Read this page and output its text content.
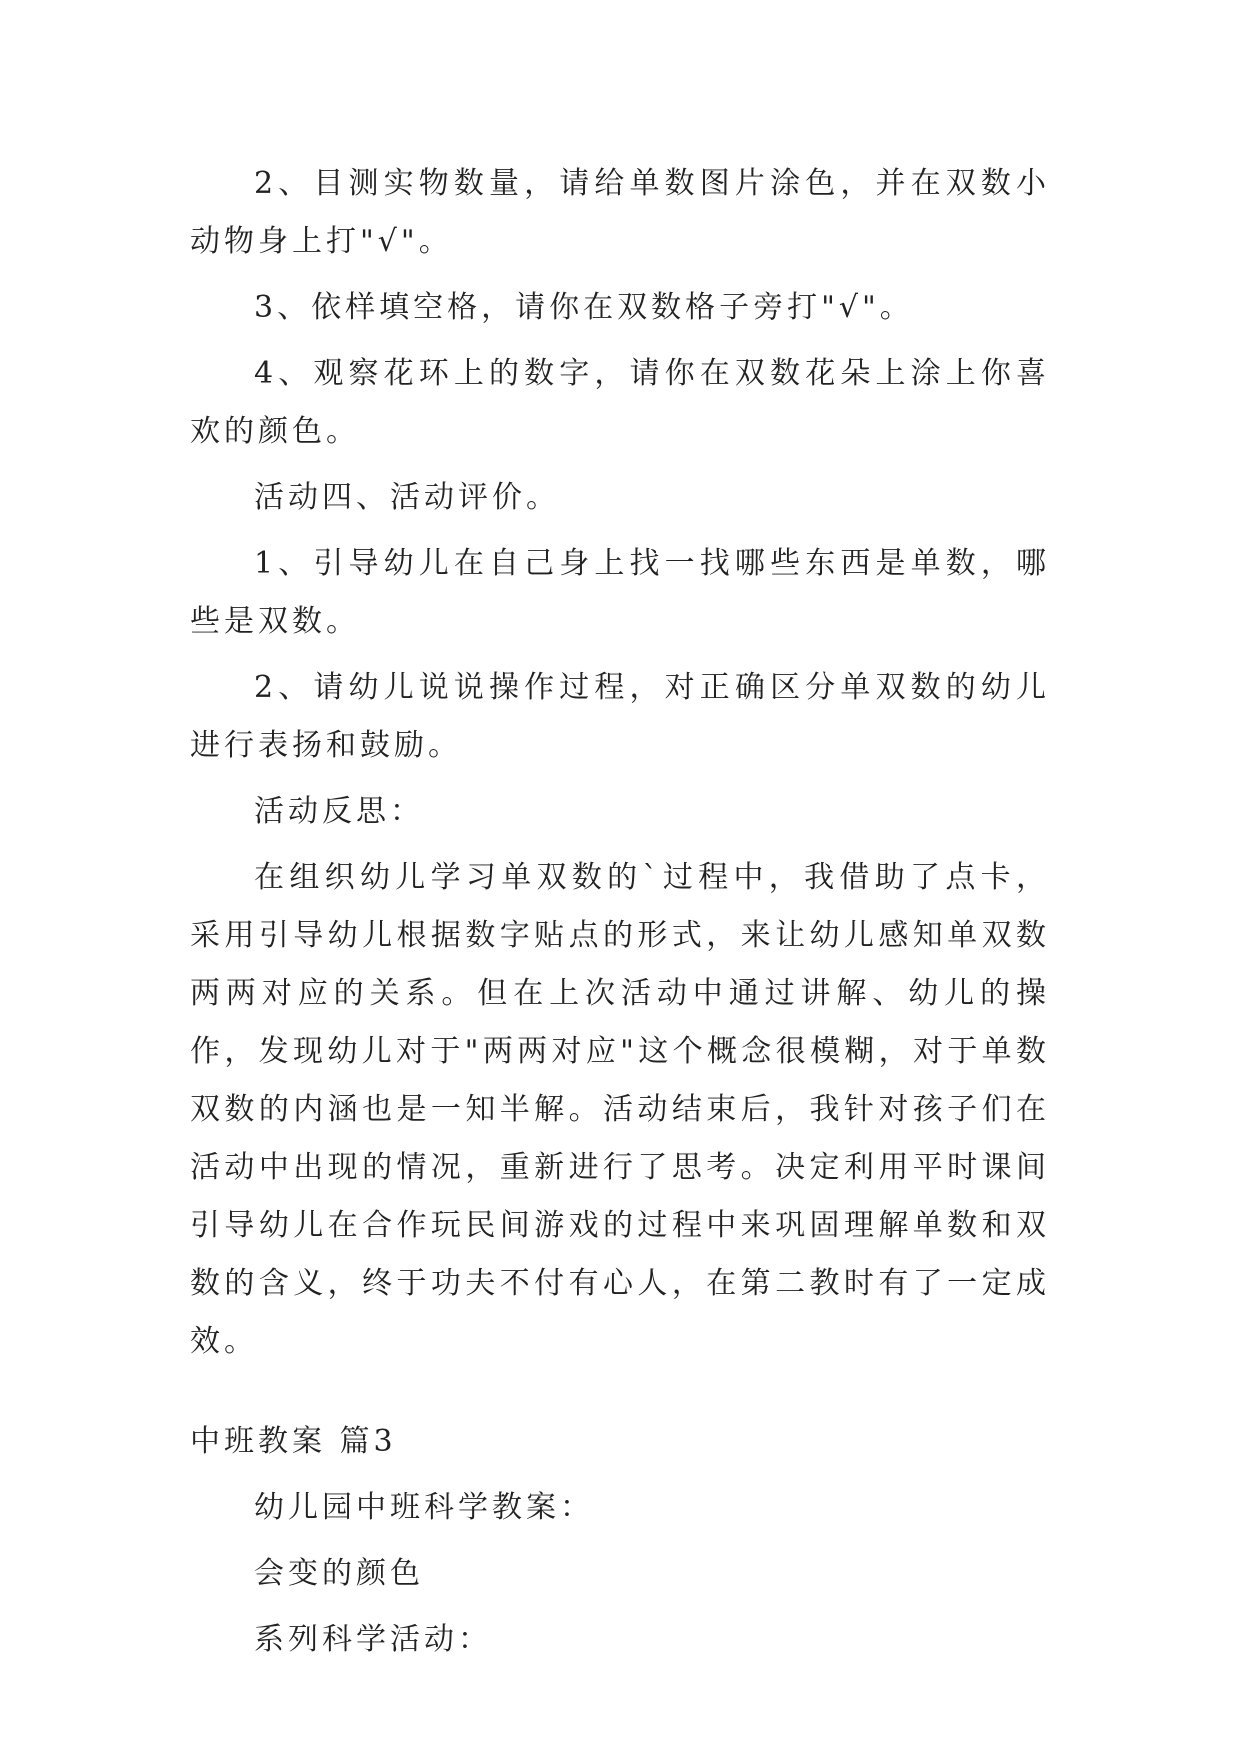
2、目测实物数量，请给单数图片涂色，并在双数小动物身上打"√"。

3、依样填空格，请你在双数格子旁打"√"。

4、观察花环上的数字，请你在双数花朵上涂上你喜欢的颜色。

活动四、活动评价。

1、引导幼儿在自己身上找一找哪些东西是单数，哪些是双数。

2、请幼儿说说操作过程，对正确区分单双数的幼儿进行表扬和鼓励。

活动反思：

在组织幼儿学习单双数的`过程中，我借助了点卡，采用引导幼儿根据数字贴点的形式，来让幼儿感知单双数两两对应的关系。但在上次活动中通过讲解、幼儿的操作，发现幼儿对于"两两对应"这个概念很模糊，对于单数双数的内涵也是一知半解。活动结束后，我针对孩子们在活动中出现的情况，重新进行了思考。决定利用平时课间引导幼儿在合作玩民间游戏的过程中来巩固理解单数和双数的含义，终于功夫不付有心人，在第二教时有了一定成效。

中班教案 篇3

幼儿园中班科学教案：

会变的颜色

系列科学活动：
